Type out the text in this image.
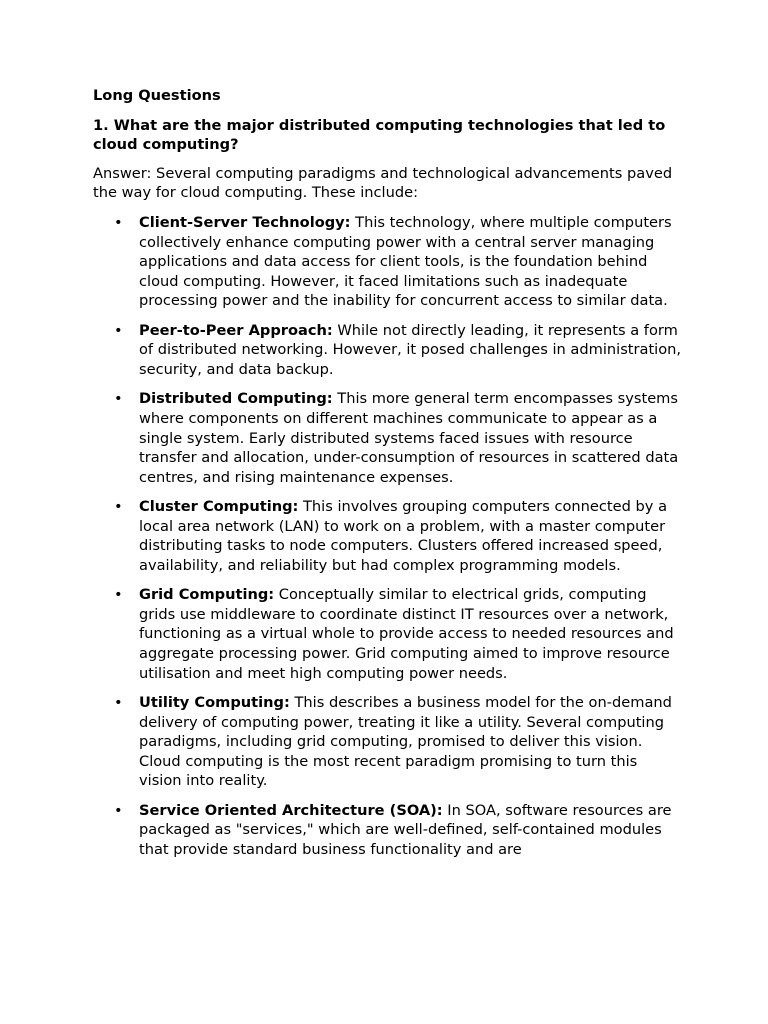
Long Questions

1. What are the major distributed computing technologies that led to cloud computing?

Answer: Several computing paradigms and technological advancements paved the way for cloud computing. These include:

• Client-Server Technology: This technology, where multiple computers collectively enhance computing power with a central server managing applications and data access for client tools, is the foundation behind cloud computing. However, it faced limitations such as inadequate processing power and the inability for concurrent access to similar data.
• Peer-to-Peer Approach: While not directly leading, it represents a form of distributed networking. However, it posed challenges in administration, security, and data backup.
• Distributed Computing: This more general term encompasses systems where components on different machines communicate to appear as a single system. Early distributed systems faced issues with resource transfer and allocation, under-consumption of resources in scattered data centres, and rising maintenance expenses.
• Cluster Computing: This involves grouping computers connected by a local area network (LAN) to work on a problem, with a master computer distributing tasks to node computers. Clusters offered increased speed, availability, and reliability but had complex programming models.
• Grid Computing: Conceptually similar to electrical grids, computing grids use middleware to coordinate distinct IT resources over a network, functioning as a virtual whole to provide access to needed resources and aggregate processing power. Grid computing aimed to improve resource utilisation and meet high computing power needs.
• Utility Computing: This describes a business model for the on-demand delivery of computing power, treating it like a utility. Several computing paradigms, including grid computing, promised to deliver this vision. Cloud computing is the most recent paradigm promising to turn this vision into reality.
• Service Oriented Architecture (SOA): In SOA, software resources are packaged as "services," which are well-defined, self-contained modules that provide standard business functionality and are
